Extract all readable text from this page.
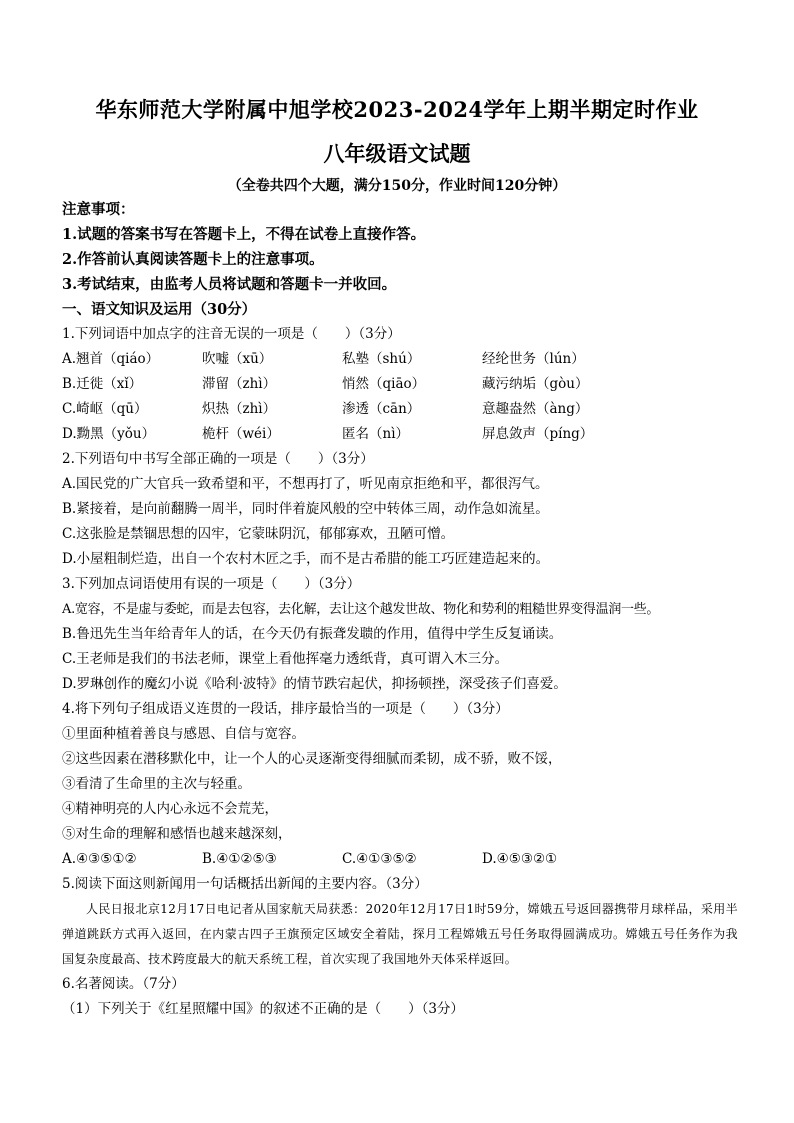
华东师范大学附属中旭学校2023-2024学年上期半期定时作业
八年级语文试题
（全卷共四个大题，满分150分，作业时间120分钟）
注意事项：
1.试题的答案书写在答题卡上，不得在试卷上直接作答。
2.作答前认真阅读答题卡上的注意事项。
3.考试结束，由监考人员将试题和答题卡一并收回。
一、语文知识及运用（30分）
1.下列词语中加点字的注音无误的一项是（　　）（3分）
A.翘首（qiáo）	吹嘘（xū）	私塾（shú）	经纶世务（lún）
B.迁徙（xǐ）	滞留（zhì）	悄然（qiāo）	藏污纳垢（gòu）
C.崎岖（qū）	炽热（zhì）	渗透（cān）	意趣盎然（àng）
D.黝黑（yǒu）	桅杆（wéi）	匿名（nì）	屏息敛声（píng）
2.下列语句中书写全部正确的一项是（　　）（3分）
A.国民党的广大官兵一致希望和平，不想再打了，听见南京拒绝和平，都很泻气。
B.紧接着，是向前翻腾一周半，同时伴着旋风般的空中转体三周，动作急如流星。
C.这张脸是禁锢思想的囚牢，它蒙昧阴沉，郁郁寡欢，丑陋可憎。
D.小屋粗制烂造，出自一个农村木匠之手，而不是古希腊的能工巧匠建造起来的。
3.下列加点词语使用有误的一项是（　　）（3分）
A.宽容，不是虚与委蛇，而是去包容，去化解，去让这个越发世故、物化和势利的粗糙世界变得温润一些。
B.鲁迅先生当年给青年人的话，在今天仍有振聋发聩的作用，值得中学生反复诵读。
C.王老师是我们的书法老师，课堂上看他挥毫力透纸背，真可谓入木三分。
D.罗琳创作的魔幻小说《哈利·波特》的情节跌宕起伏，抑扬顿挫，深受孩子们喜爱。
4.将下列句子组成语义连贯的一段话，排序最恰当的一项是（　　）（3分）
①里面种植着善良与感恩、自信与宽容。
②这些因素在潜移默化中，让一个人的心灵逐渐变得细腻而柔韧，成不骄，败不馁，
③看清了生命里的主次与轻重。
④精神明亮的人内心永远不会荒芜，
⑤对生命的理解和感悟也越来越深刻，
A.④③⑤①②	B.④①②⑤③	C.④①③⑤②	D.④⑤③②①
5.阅读下面这则新闻用一句话概括出新闻的主要内容。（3分）
人民日报北京12月17日电记者从国家航天局获悉：2020年12月17日1时59分，嫦娥五号返回器携带月球样品，采用半弹道跳跃方式再入返回，在内蒙古四子王旗预定区域安全着陆，探月工程嫦娥五号任务取得圆满成功。嫦娥五号任务作为我国复杂度最高、技术跨度最大的航天系统工程，首次实现了我国地外天体采样返回。
6.名著阅读。（7分）
（1）下列关于《红星照耀中国》的叙述不正确的是（　　）（3分）
